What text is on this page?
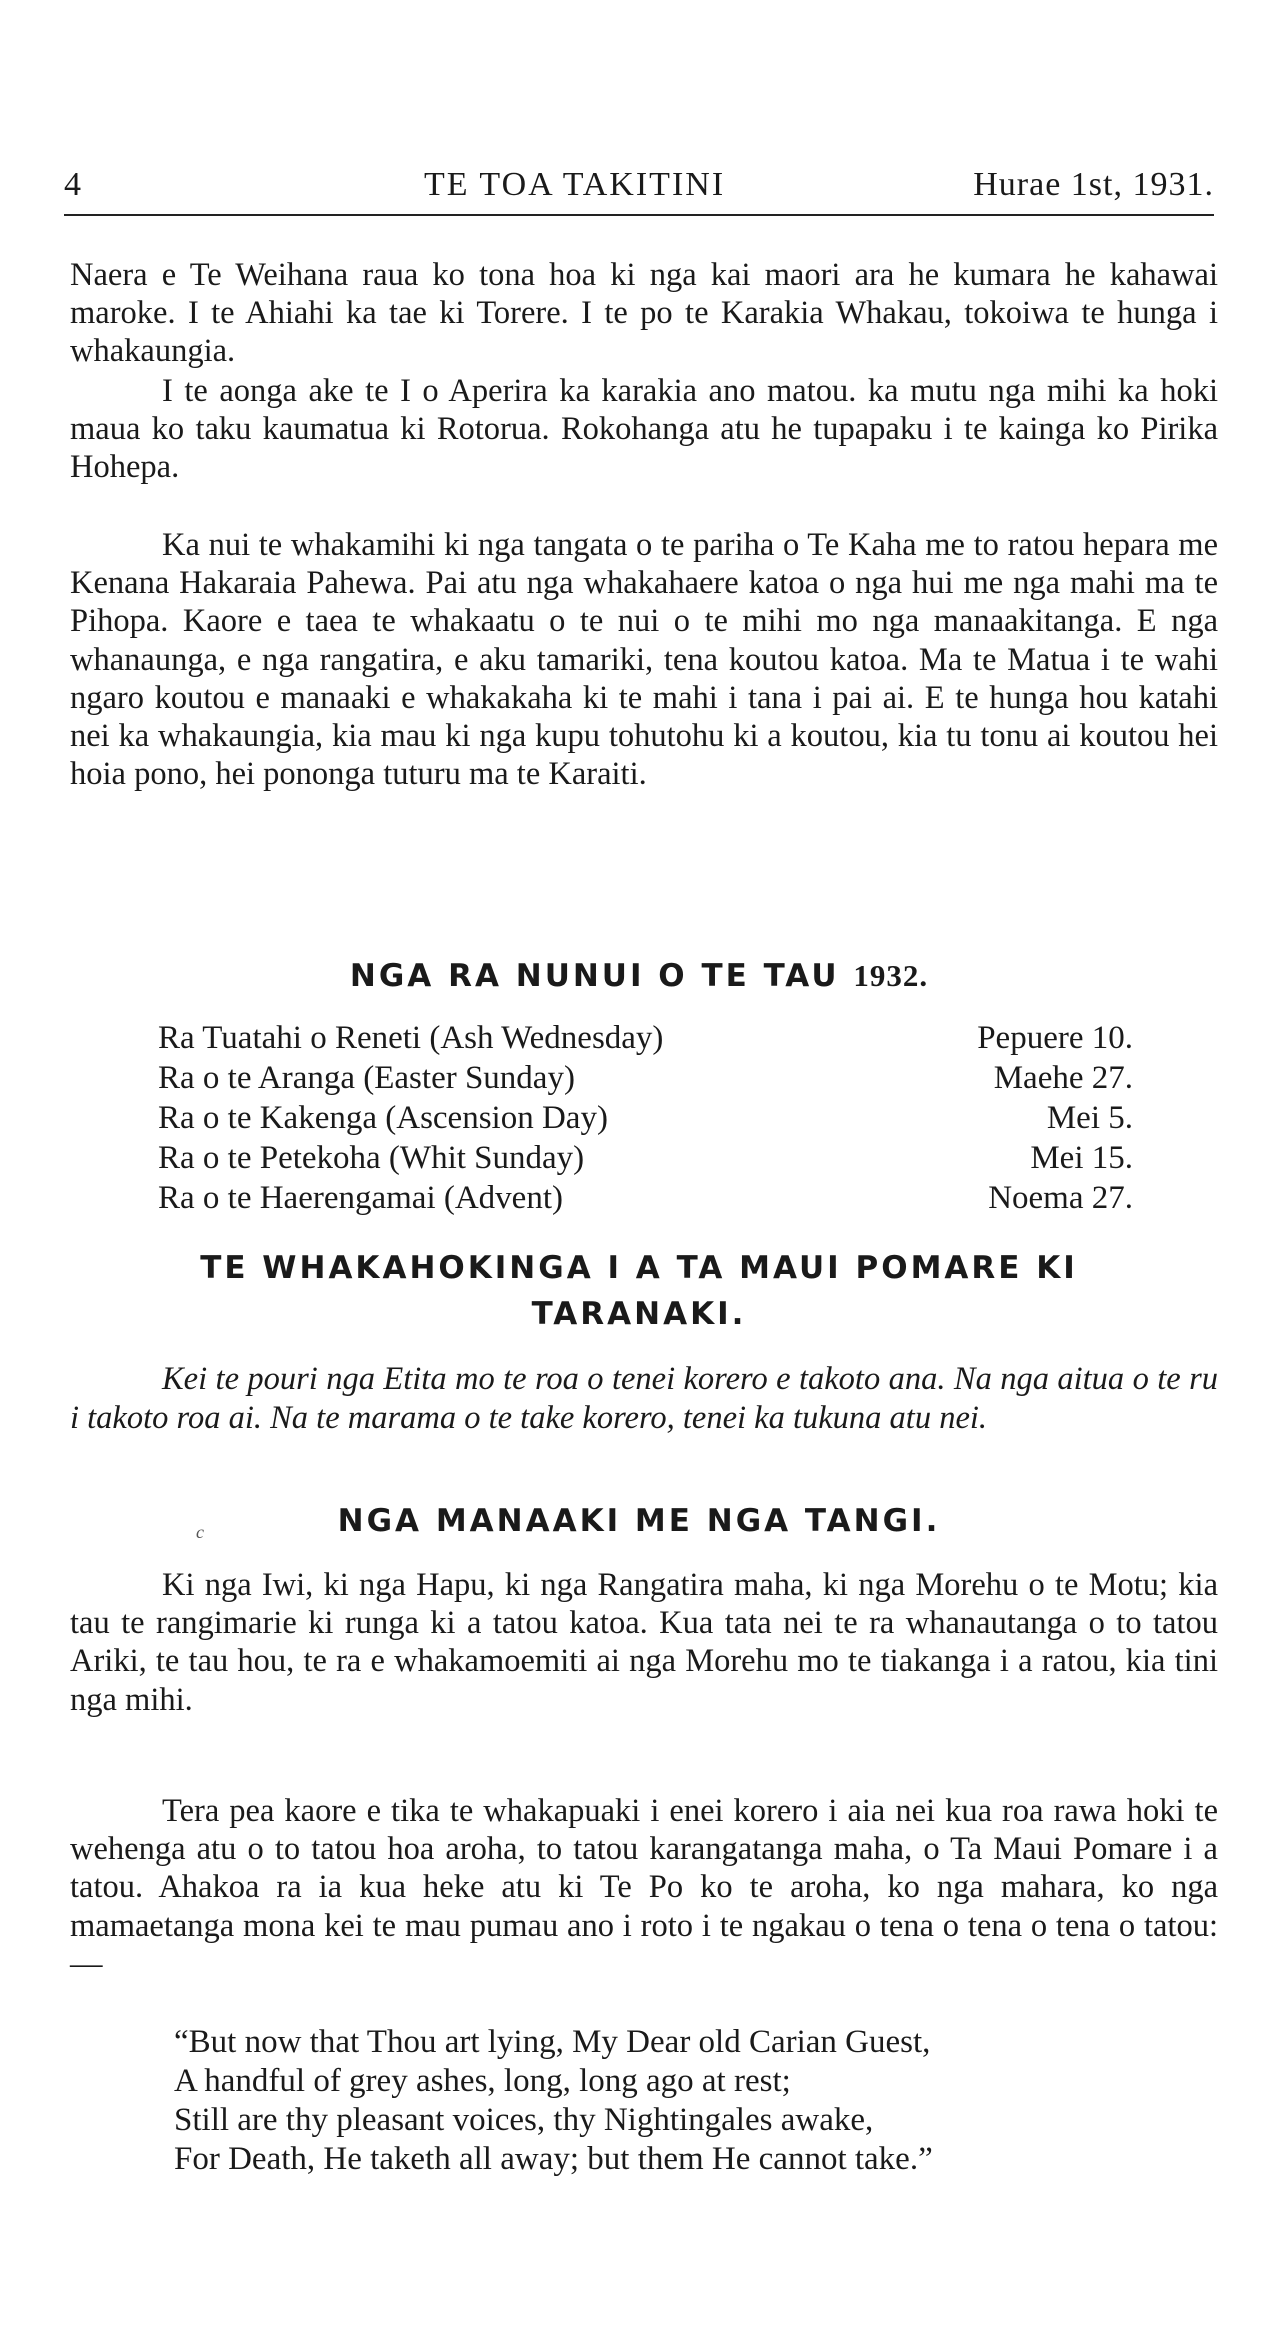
4	TE TOA TAKITINI	Hurae 1st, 1931.

Naera e Te Weihana raua ko tona hoa ki nga kai maori ara he kumara he kahawai maroke. I te Ahiahi ka tae ki Torere. I te po te Karakia Whakau, tokoiwa te hunga i whakaungia.

I te aonga ake te I o Aperira ka karakia ano matou. ka mutu nga mihi ka hoki maua ko taku kaumatua ki Rotorua. Rokohanga atu he tupapaku i te kainga ko Pirika Hohepa.

Ka nui te whakamihi ki nga tangata o te pariha o Te Kaha me to ratou hepara me Kenana Hakaraia Pahewa. Pai atu nga whakahaere katoa o nga hui me nga mahi ma te Pihopa. Kaore e taea te whakaatu o te nui o te mihi mo nga manaakitanga. E nga whanaunga, e nga rangatira, e aku tamariki, tena koutou katoa. Ma te Matua i te wahi ngaro koutou e manaaki e whakakaha ki te mahi i tana i pai ai. E te hunga hou katahi nei ka whakaungia, kia mau ki nga kupu tohutohu ki a koutou, kia tu tonu ai koutou hei hoia pono, hei ponongа tuturu ma te Karaiti.

NGA RA NUNUI O TE TAU 1932.
Ra Tuatahi o Reneti (Ash Wednesday)	Pepuere 10.
Ra o te Aranga (Easter Sunday)	Maehe 27.
Ra o te Kakenga (Ascension Day)	Mei 5.
Ra o te Petekoha (Whit Sunday)	Mei 15.
Ra o te Haerengamai (Advent)	Noema 27.
TE WHAKAHOKINGA I A TA MAUI POMARE KI
TARANAKI.

Kei te pouri nga Etita mo te roa o tenei korero e takoto ana. Na nga aitua o te ru i takoto roa ai. Na te marama o te take korero, tenei ka tukuna atu nei.

c	NGA MANAAKI ME NGA TANGI.

Ki nga Iwi, ki nga Hapu, ki nga Rangatira maha, ki nga Morehu o te Motu; kia tau te rangimarie ki runga ki a tatou katoa. Kua tata nei te ra whanautanga o to tatou Ariki, te tau hou, te ra e whakamoemiti ai nga Morehu mo te tiakanga i a ratou, kia tini nga mihi.

Tera pea kaore e tika te whakapuaki i enei korero i aia nei kua roa rawa hoki te wehenga atu o to tatou hoa aroha, to tatou karangatanga maha, o Ta Maui Pomare i a tatou. Ahakoa ra ia kua heke atu ki Te Po ko te aroha, ko nga mahara, ko nga mamaetanga mona kei te mau pumau ano i roto i te ngakau o tena o tena o tena o tatou:—

“But now that Thou art lying, My Dear old Carian Guest,
A handful of grey ashes, long, long ago at rest;
Still are thy pleasant voices, thy Nightingales awake,
For Death, He taketh all away; but them He cannot take.”
